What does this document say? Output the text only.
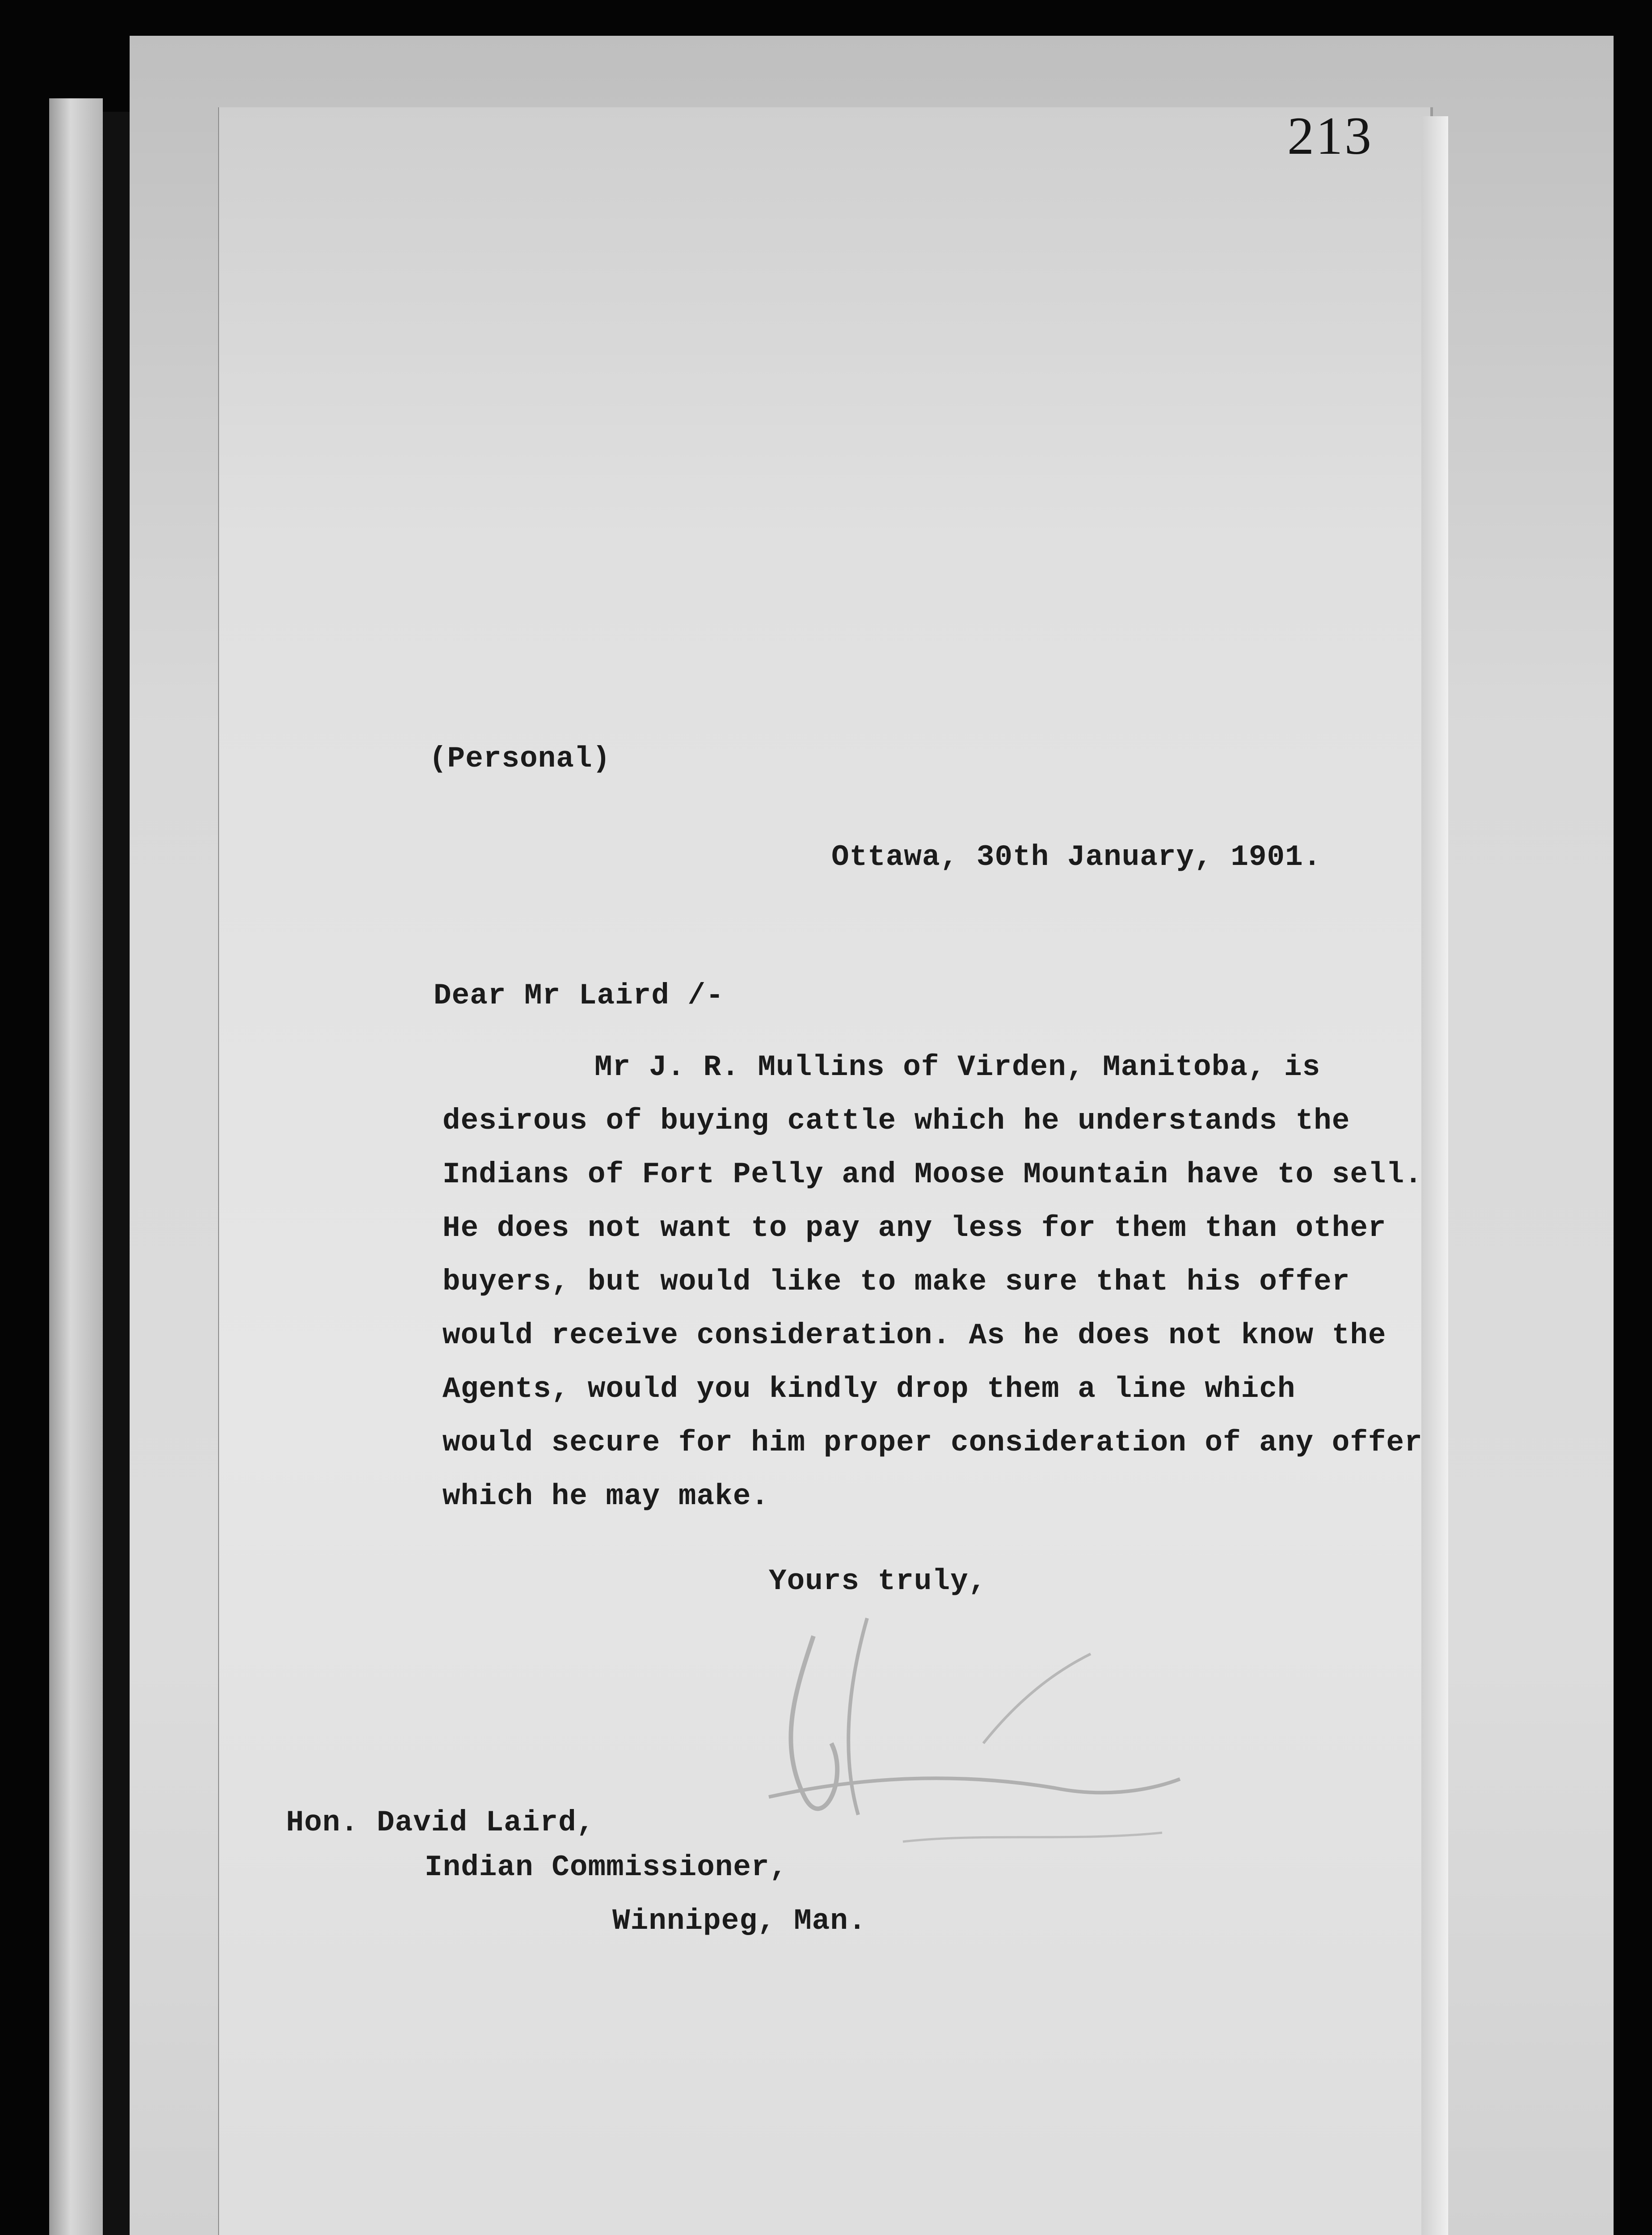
213
(Personal)
Ottawa, 30th January, 1901.
Dear Mr Laird /-
Mr J. R. Mullins of Virden, Manitoba, is
desirous of buying cattle which he understands the
Indians of Fort Pelly and Moose Mountain have to sell.
He does not want to pay any less for them than other
buyers, but would like to make sure that his offer
would receive consideration. As he does not know the
Agents, would you kindly drop them a line which
would secure for him proper consideration of any offer
which he may make.
Yours truly,
Hon. David Laird,
Indian Commissioner,
Winnipeg, Man.
